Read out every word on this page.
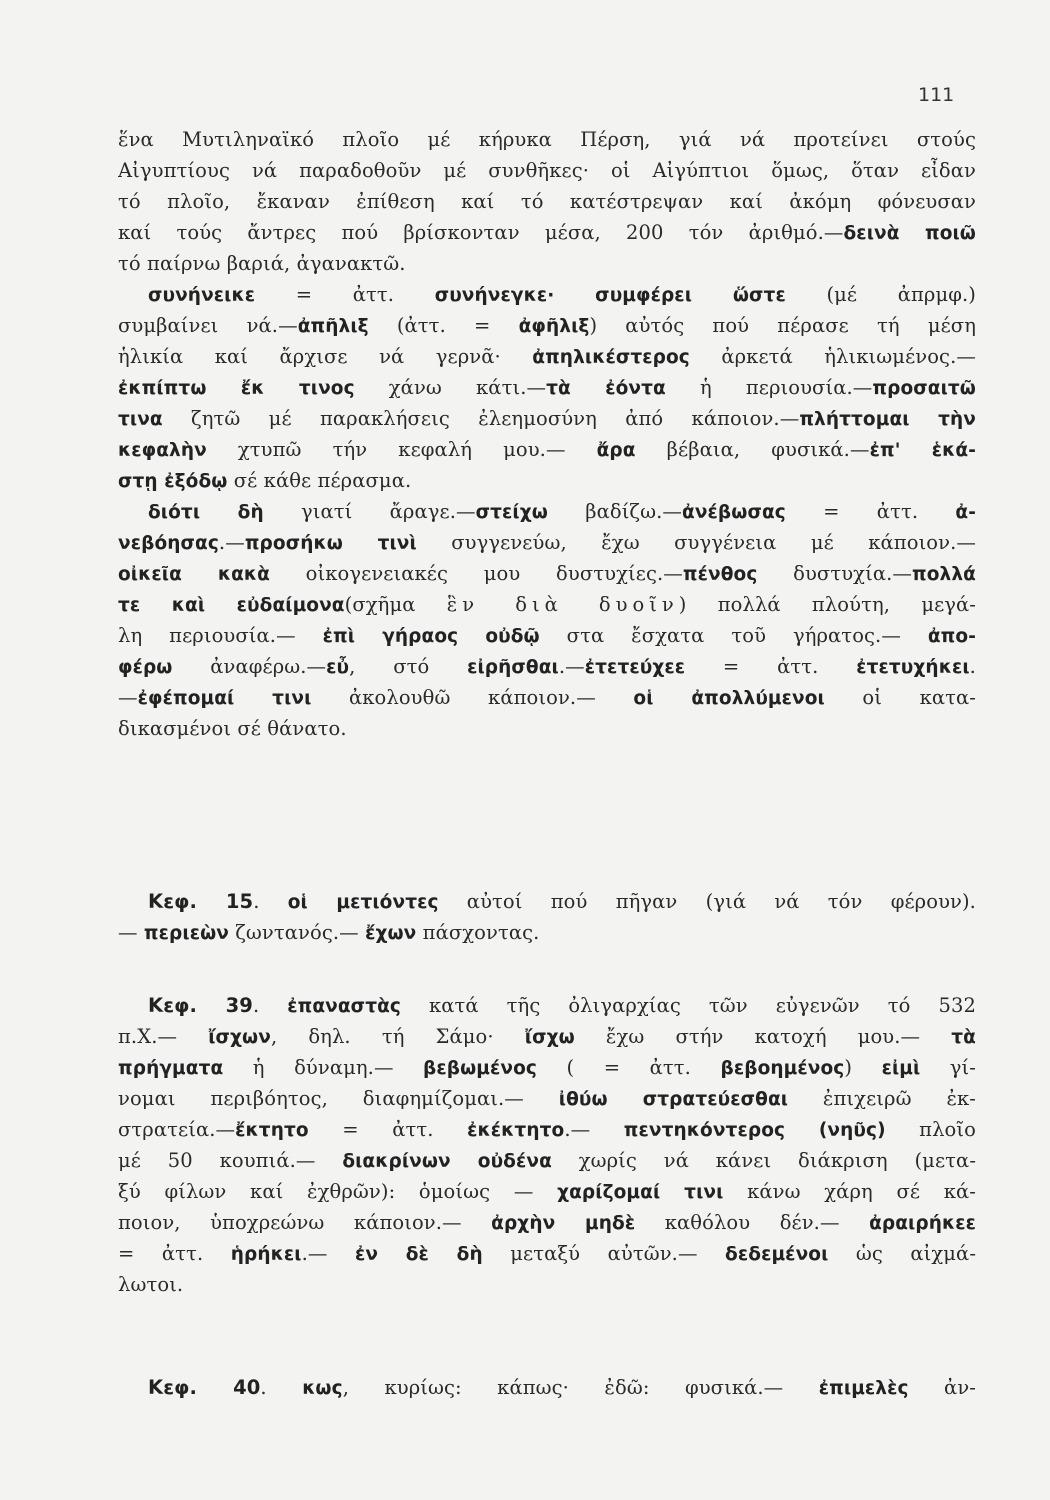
111
ἕνα Μυτιληναϊκό πλοῖο μέ κήρυκα Πέρση, γιά νά προτείνει στούς
Αἰγυπτίους νά παραδοθοῦν μέ συνθῆκες· οἱ Αἰγύπτιοι ὅμως, ὅταν εἶδαν
τό πλοῖο, ἔκαναν ἐπίθεση καί τό κατέστρεψαν καί ἀκόμη φόνευσαν
καί τούς ἄντρες πού βρίσκονταν μέσα, 200 τόν ἀριθμό.—δεινὰ ποιῶ
τό παίρνω βαριά, ἀγανακτῶ.
συνήνεικε = ἀττ. συνήνεγκε· συμφέρει ὥστε (μέ ἀπρμφ.)
συμβαίνει νά.—ἀπῆλιξ (ἀττ. = ἀφῆλιξ) αὐτός πού πέρασε τή μέση
ἡλικία καί ἄρχισε νά γερνᾶ· ἀπηλικέστερος ἀρκετά ἡλικιωμένος.—
ἐκπίπτω ἔκ τινος χάνω κάτι.—τὰ ἐόντα ἡ περιουσία.—προσαιτῶ
τινα ζητῶ μέ παρακλήσεις ἐλεημοσύνη ἀπό κάποιον.—πλήττομαι τὴν
κεφαλὴν χτυπῶ τήν κεφαλή μου.— ἄρα βέβαια, φυσικά.—ἐπ' ἑκά-
στῃ ἐξόδῳ σέ κάθε πέρασμα.
διότι δὴ γιατί ἄραγε.—στείχω βαδίζω.—ἀνέβωσας = ἀττ. ἀ-
νεβόησας.—προσήκω τινὶ συγγενεύω, ἔχω συγγένεια μέ κάποιον.—
οἰκεῖα κακὰ οἰκογενειακές μου δυστυχίες.—πένθος δυστυχία.—πολλά
τε καὶ εὐδαίμονα(σχῆμα ἓν διὰ δυοῖν) πολλά πλούτη, μεγά-
λη περιουσία.— ἐπὶ γήραος οὐδῷ στα ἔσχατα τοῦ γήρατος.— ἀπο-
φέρω ἀναφέρω.—εὖ, στό εἰρῆσθαι.—ἐτετεύχεε = ἀττ. ἐτετυχήκει.
—ἐφέπομαί τινι ἀκολουθῶ κάποιον.— οἱ ἀπολλύμενοι οἱ κατα-
δικασμένοι σέ θάνατο.
Κεφ. 15. οἱ μετιόντες αὐτοί πού πῆγαν (γιά νά τόν φέρουν).
— περιεὼν ζωντανός.— ἔχων πάσχοντας.
Κεφ. 39. ἐπαναστὰς κατά τῆς ὀλιγαρχίας τῶν εὐγενῶν τό 532
π.Χ.— ἴσχων, δηλ. τή Σάμο· ἴσχω ἔχω στήν κατοχή μου.— τὰ
πρήγματα ἡ δύναμη.— βεβωμένος ( = ἀττ. βεβοημένος) εἰμὶ γί-
νομαι περιβόητος, διαφημίζομαι.— ἰθύω στρατεύεσθαι ἐπιχειρῶ ἐκ-
στρατεία.—ἔκτητο = ἀττ. ἐκέκτητο.— πεντηκόντερος (νηῦς) πλοῖο
μέ 50 κουπιά.— διακρίνων οὐδένα χωρίς νά κάνει διάκριση (μετα-
ξύ φίλων καί ἐχθρῶν): ὁμοίως — χαρίζομαί τινι κάνω χάρη σέ κά-
ποιον, ὑποχρεώνω κάποιον.— ἀρχὴν μηδὲ καθόλου δέν.— ἀραιρήκεε
= ἀττ. ἡρήκει.— ἐν δὲ δὴ μεταξύ αὐτῶν.— δεδεμένοι ὡς αἰχμά-
λωτοι.
Κεφ. 40. κως, κυρίως: κάπως· ἐδῶ: φυσικά.— ἐπιμελὲς ἀν-
